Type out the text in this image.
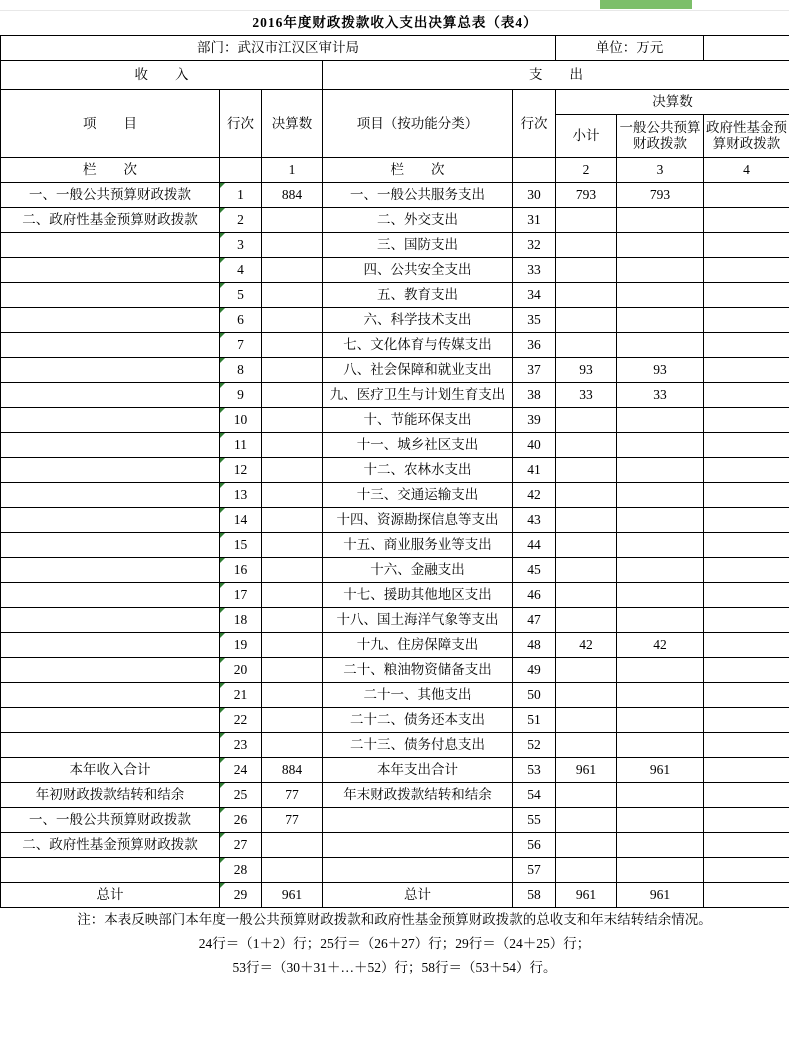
2016年度财政拨款收入支出决算总表（表4）							
部门：武汉市江汉区审计局					单位：万元		
收　　入			支　　出				
项　　目	行次	决算数	项目（按功能分类）	行次	决算数		
					小计	一般公共预算财政拨款	政府性基金预算财政拨款
栏　　次		1	栏　　次		2	3	4
一、一般公共预算财政拨款	1	884	一、一般公共服务支出	30	793	793	
二、政府性基金预算财政拨款	2		二、外交支出	31			
	3		三、国防支出	32			
	4		四、公共安全支出	33			
	5		五、教育支出	34			
	6		六、科学技术支出	35			
	7		七、文化体育与传媒支出	36			
	8		八、社会保障和就业支出	37	93	93	
	9		九、医疗卫生与计划生育支出	38	33	33	
	10		十、节能环保支出	39			
	11		十一、城乡社区支出	40			
	12		十二、农林水支出	41			
	13		十三、交通运输支出	42			
	14		十四、资源勘探信息等支出	43			
	15		十五、商业服务业等支出	44			
	16		十六、金融支出	45			
	17		十七、援助其他地区支出	46			
	18		十八、国土海洋气象等支出	47			
	19		十九、住房保障支出	48	42	42	
	20		二十、粮油物资储备支出	49			
	21		二十一、其他支出	50			
	22		二十二、债务还本支出	51			
	23		二十三、债务付息支出	52			
本年收入合计	24	884	本年支出合计	53	961	961	
年初财政拨款结转和结余	25	77	年末财政拨款结转和结余	54			
一、一般公共预算财政拨款	26	77		55			
二、政府性基金预算财政拨款	27			56			
	28			57			
总计	29	961	总计	58	961	961	
注：本表反映部门本年度一般公共预算财政拨款和政府性基金预算财政拨款的总收支和年末结转结余情况。
24行＝（1＋2）行；25行＝（26＋27）行；29行＝（24＋25）行；
53行＝（30＋31＋…＋52）行；58行＝（53＋54）行。
